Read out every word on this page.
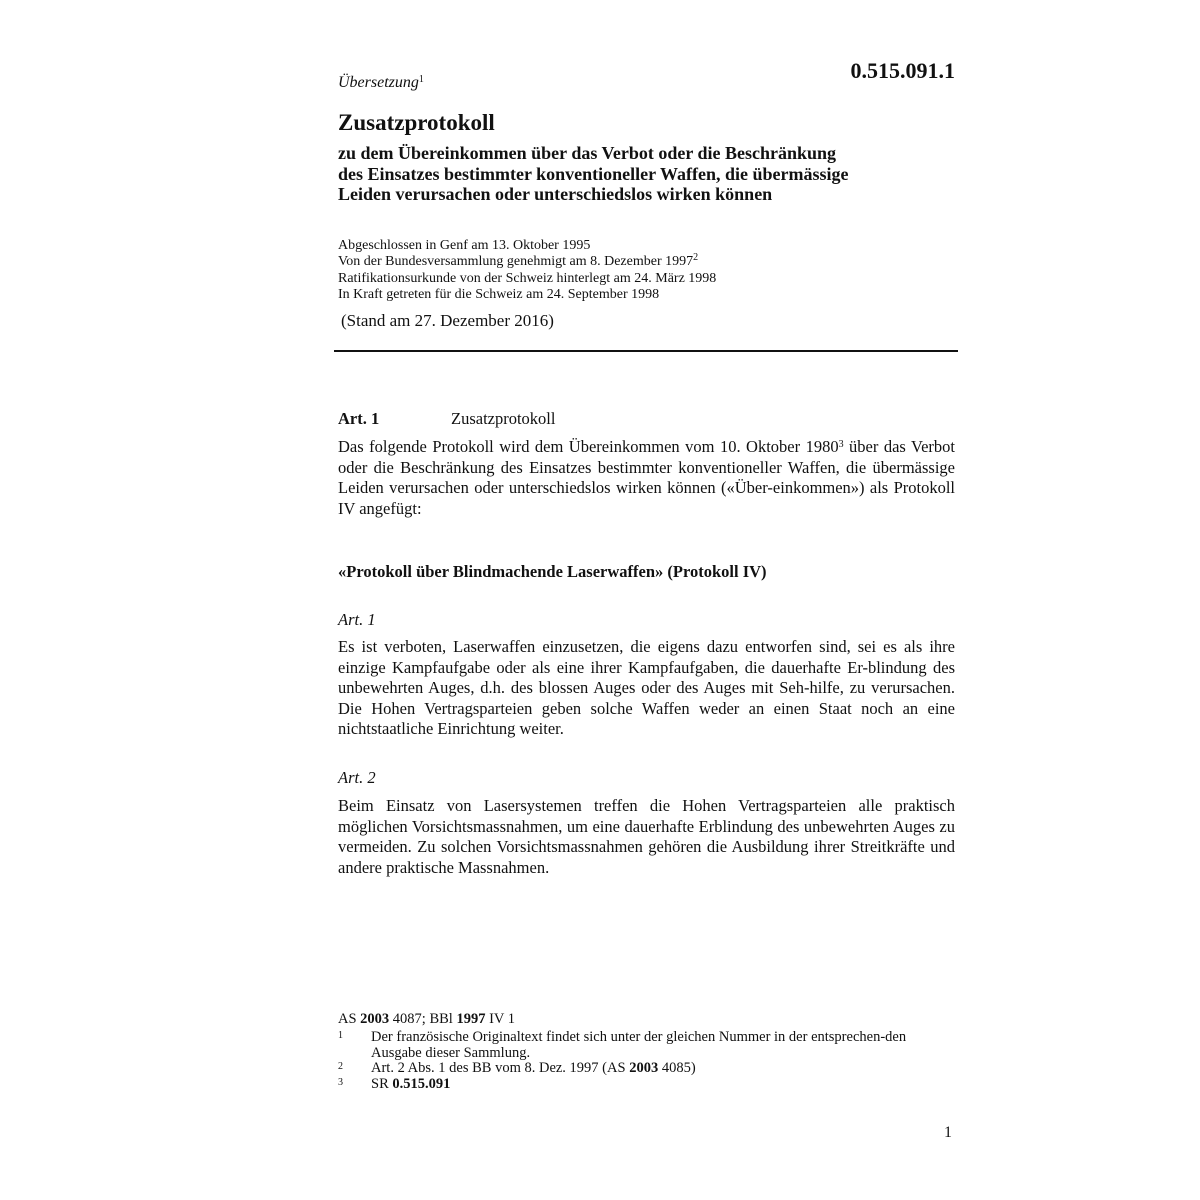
0.515.091.1
Übersetzung$^1$
Zusatzprotokoll
zu dem Übereinkommen über das Verbot oder die Beschränkung
des Einsatzes bestimmter konventioneller Waffen, die übermässige
Leiden verursachen oder unterschiedslos wirken können
Abgeschlossen in Genf am 13. Oktober 1995
Von der Bundesversammlung genehmigt am 8. Dezember 1997$^2$
Ratifikationsurkunde von der Schweiz hinterlegt am 24. März 1998
In Kraft getreten für die Schweiz am 24. September 1998
(Stand am 27. Dezember 2016)
Art. 1	Zusatzprotokoll

Das folgende Protokoll wird dem Übereinkommen vom 10. Oktober 1980$^3$ über das Verbot oder die Beschränkung des Einsatzes bestimmter konventioneller Waffen, die übermässige Leiden verursachen oder unterschiedslos wirken können («Über-einkommen») als Protokoll IV angefügt:

«Protokoll über Blindmachende Laserwaffen» (Protokoll IV)
Art. 1

Es ist verboten, Laserwaffen einzusetzen, die eigens dazu entworfen sind, sei es als ihre einzige Kampfaufgabe oder als eine ihrer Kampfaufgaben, die dauerhafte Er-blindung des unbewehrten Auges, d.h. des blossen Auges oder des Auges mit Seh-hilfe, zu verursachen. Die Hohen Vertragsparteien geben solche Waffen weder an einen Staat noch an eine nichtstaatliche Einrichtung weiter.

Art. 2

Beim Einsatz von Lasersystemen treffen die Hohen Vertragsparteien alle praktisch möglichen Vorsichtsmassnahmen, um eine dauerhafte Erblindung des unbewehrten Auges zu vermeiden. Zu solchen Vorsichtsmassnahmen gehören die Ausbildung ihrer Streitkräfte und andere praktische Massnahmen.

AS 2003 4087; BBl 1997 IV 1
1	Der französische Originaltext findet sich unter der gleichen Nummer in der entsprechen-den Ausgabe dieser Sammlung.
2	Art. 2 Abs. 1 des BB vom 8. Dez. 1997 (AS 2003 4085)
3	SR 0.515.091
1
